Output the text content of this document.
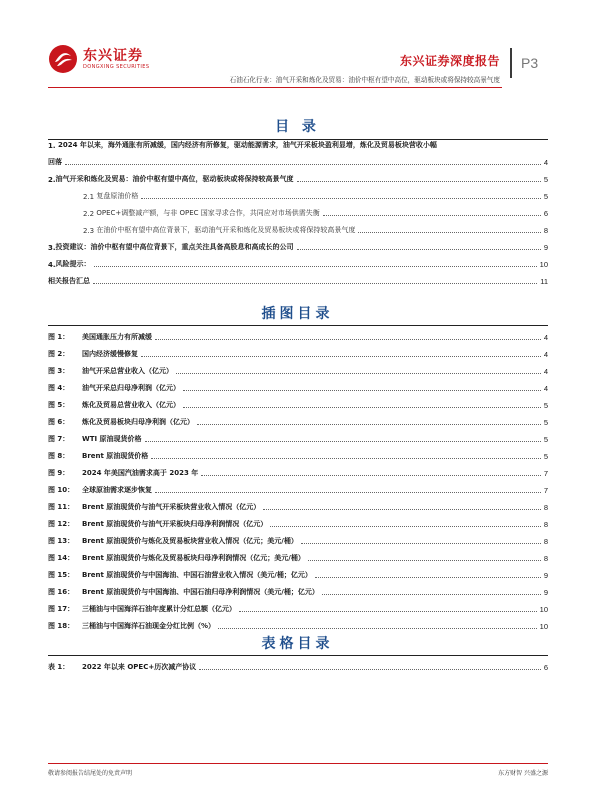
东兴证券
DONGXING SECURITIES	东兴证券深度报告 P3
石油石化行业：油气开采和炼化及贸易：油价中枢有望中高位，驱动板块或将保持较高景气度
目 录
1. 2024 年以来，海外通胀有所减缓，国内经济有所修复，驱动能源需求，油气开采板块盈利显增，炼化及贸易板块营收小幅
回落	4
2. 油气开采和炼化及贸易：油价中枢有望中高位，驱动板块或将保持较高景气度	5
2.1 复盘原油价格	5
2.2 OPEC+调整减产额，与非 OPEC 国家寻求合作，共同应对市场供需失衡	6
2.3 在油价中枢有望中高位背景下，驱动油气开采和炼化及贸易板块或将保持较高景气度	8
3. 投资建议：油价中枢有望中高位背景下，重点关注具备高股息和高成长的公司	9
4. 风险提示：	10
相关报告汇总	11
插图目录
图 1：	美国通胀压力有所减缓	4
图 2：	国内经济缓慢修复	4
图 3：	油气开采总营业收入（亿元）	4
图 4：	油气开采总归母净利润（亿元）	4
图 5：	炼化及贸易总营业收入（亿元）	5
图 6：	炼化及贸易板块归母净利润（亿元）	5
图 7：	WTI 原油现货价格	5
图 8：	Brent 原油现货价格	5
图 9：	2024 年美国汽油需求高于 2023 年	7
图 10：	全球原油需求逐步恢复	7
图 11：	Brent 原油现货价与油气开采板块营业收入情况（亿元）	8
图 12：	Brent 原油现货价与油气开采板块归母净利润情况（亿元）	8
图 13：	Brent 原油现货价与炼化及贸易板块营业收入情况（亿元；美元/桶）	8
图 14：	Brent 原油现货价与炼化及贸易板块归母净利润情况（亿元；美元/桶）	8
图 15：	Brent 原油现货价与中国海油、中国石油营业收入情况（美元/桶；亿元）	9
图 16：	Brent 原油现货价与中国海油、中国石油归母净利润情况（美元/桶；亿元）	9
图 17：	三桶油与中国海洋石油年度累计分红总额（亿元）	10
图 18：	三桶油与中国海洋石油现金分红比例（%）	10
表格目录
表 1：	2022 年以来 OPEC+历次减产协议	6
敬请参阅报告结尾处的免责声明	东方财智 兴盛之源
